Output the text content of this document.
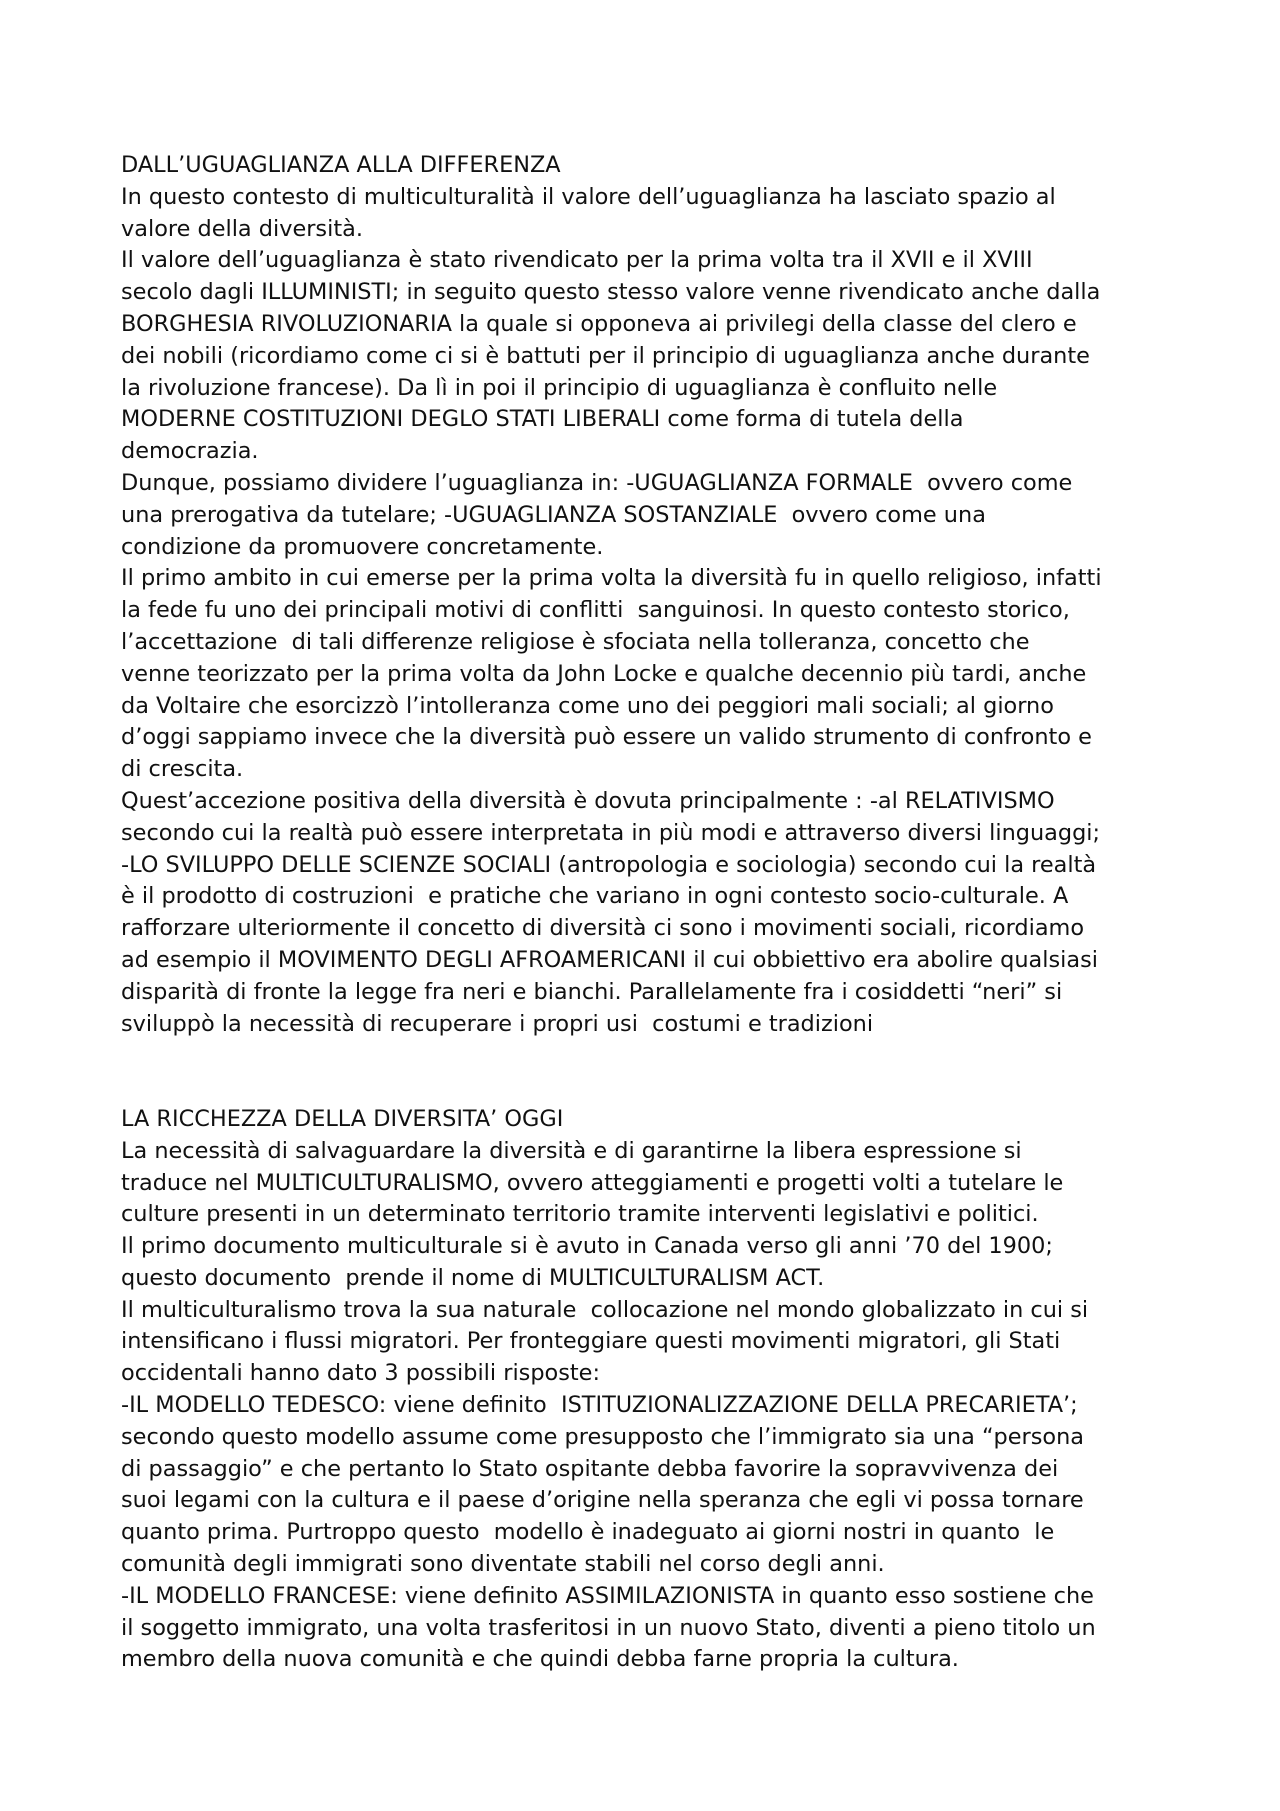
DALL’UGUAGLIANZA ALLA DIFFERENZA
In questo contesto di multiculturalità il valore dell’uguaglianza ha lasciato spazio al
valore della diversità.
Il valore dell’uguaglianza è stato rivendicato per la prima volta tra il XVII e il XVIII
secolo dagli ILLUMINISTI; in seguito questo stesso valore venne rivendicato anche dalla
BORGHESIA RIVOLUZIONARIA la quale si opponeva ai privilegi della classe del clero e
dei nobili (ricordiamo come ci si è battuti per il principio di uguaglianza anche durante
la rivoluzione francese). Da lì in poi il principio di uguaglianza è confluito nelle
MODERNE COSTITUZIONI DEGLO STATI LIBERALI come forma di tutela della
democrazia.
Dunque, possiamo dividere l’uguaglianza in: -UGUAGLIANZA FORMALE  ovvero come
una prerogativa da tutelare; -UGUAGLIANZA SOSTANZIALE  ovvero come una
condizione da promuovere concretamente.
Il primo ambito in cui emerse per la prima volta la diversità fu in quello religioso, infatti
la fede fu uno dei principali motivi di conflitti  sanguinosi. In questo contesto storico,
l’accettazione  di tali differenze religiose è sfociata nella tolleranza, concetto che
venne teorizzato per la prima volta da John Locke e qualche decennio più tardi, anche
da Voltaire che esorcizzò l’intolleranza come uno dei peggiori mali sociali; al giorno
d’oggi sappiamo invece che la diversità può essere un valido strumento di confronto e
di crescita.
Quest’accezione positiva della diversità è dovuta principalmente : -al RELATIVISMO
secondo cui la realtà può essere interpretata in più modi e attraverso diversi linguaggi;
-LO SVILUPPO DELLE SCIENZE SOCIALI (antropologia e sociologia) secondo cui la realtà
è il prodotto di costruzioni  e pratiche che variano in ogni contesto socio-culturale. A
rafforzare ulteriormente il concetto di diversità ci sono i movimenti sociali, ricordiamo
ad esempio il MOVIMENTO DEGLI AFROAMERICANI il cui obbiettivo era abolire qualsiasi
disparità di fronte la legge fra neri e bianchi. Parallelamente fra i cosiddetti “neri” si
sviluppò la necessità di recuperare i propri usi  costumi e tradizioni
LA RICCHEZZA DELLA DIVERSITA’ OGGI
La necessità di salvaguardare la diversità e di garantirne la libera espressione si
traduce nel MULTICULTURALISMO, ovvero atteggiamenti e progetti volti a tutelare le
culture presenti in un determinato territorio tramite interventi legislativi e politici.
Il primo documento multiculturale si è avuto in Canada verso gli anni ’70 del 1900;
questo documento  prende il nome di MULTICULTURALISM ACT.
Il multiculturalismo trova la sua naturale  collocazione nel mondo globalizzato in cui si
intensificano i flussi migratori. Per fronteggiare questi movimenti migratori, gli Stati
occidentali hanno dato 3 possibili risposte:
-IL MODELLO TEDESCO: viene definito  ISTITUZIONALIZZAZIONE DELLA PRECARIETA’;
secondo questo modello assume come presupposto che l’immigrato sia una “persona
di passaggio” e che pertanto lo Stato ospitante debba favorire la sopravvivenza dei
suoi legami con la cultura e il paese d’origine nella speranza che egli vi possa tornare
quanto prima. Purtroppo questo  modello è inadeguato ai giorni nostri in quanto  le
comunità degli immigrati sono diventate stabili nel corso degli anni.
-IL MODELLO FRANCESE: viene definito ASSIMILAZIONISTA in quanto esso sostiene che
il soggetto immigrato, una volta trasferitosi in un nuovo Stato, diventi a pieno titolo un
membro della nuova comunità e che quindi debba farne propria la cultura.
